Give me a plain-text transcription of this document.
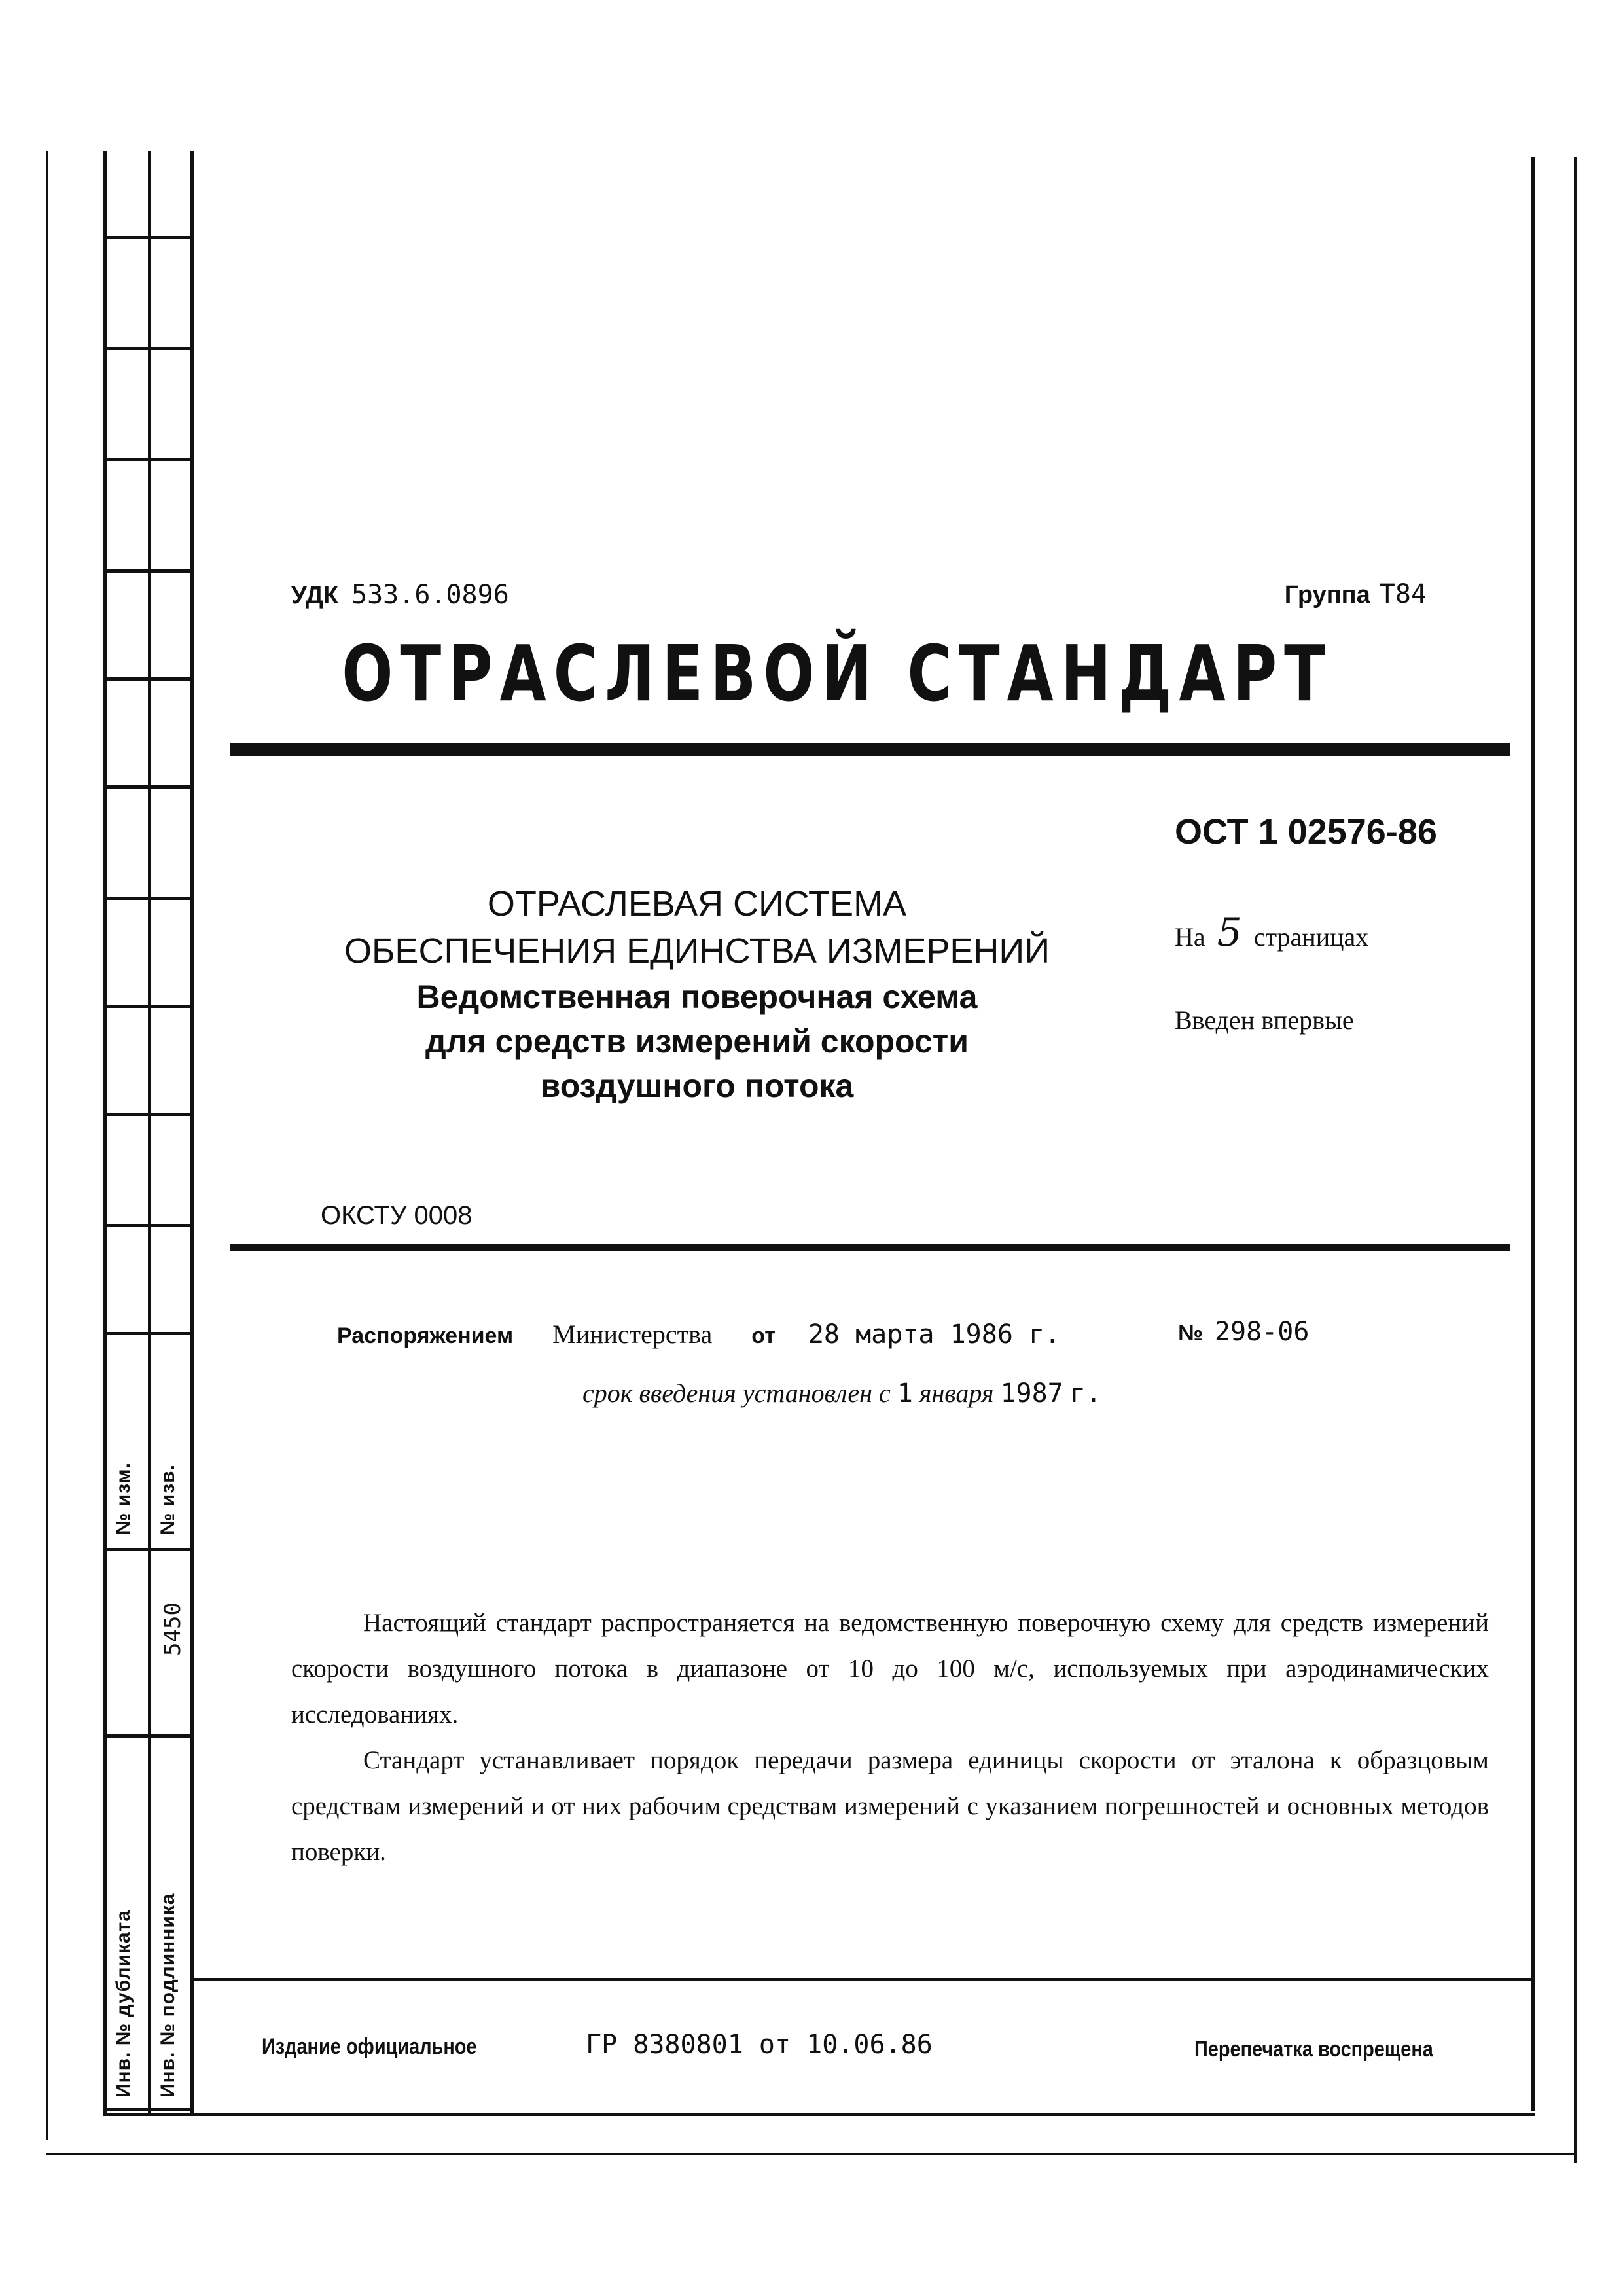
№ изм. № изв.
5450
Инв. № дубликата Инв. № подлинника
УДК 533.6.0896	Группа T84
ОТРАСЛЕВОЙ СТАНДАРТ
ОСТ 1 02576-86
На 5 страницах
Введен впервые
ОТРАСЛЕВАЯ СИСТЕМА
ОБЕСПЕЧЕНИЯ ЕДИНСТВА ИЗМЕРЕНИЙ
Ведомственная поверочная схема
для средств измерений скорости
воздушного потока
ОКСТУ 0008
Распоряжением Министерства от 28 марта 1986 г.	№ 298-06
срок введения установлен с 1 января 1987 г.

Настоящий стандарт распространяется на ведомственную поверочную схему для средств измерений скорости воздушного потока в диапазоне от 10 до 100 м/с, используемых при аэродинамических исследованиях.

Стандарт устанавливает порядок передачи размера единицы скорости от эталона к образцовым средствам измерений и от них рабочим средствам измерений с указанием погрешностей и основных методов поверки.

Издание официальное	ГР 8380801 от 10.06.86	Перепечатка воспрещена
